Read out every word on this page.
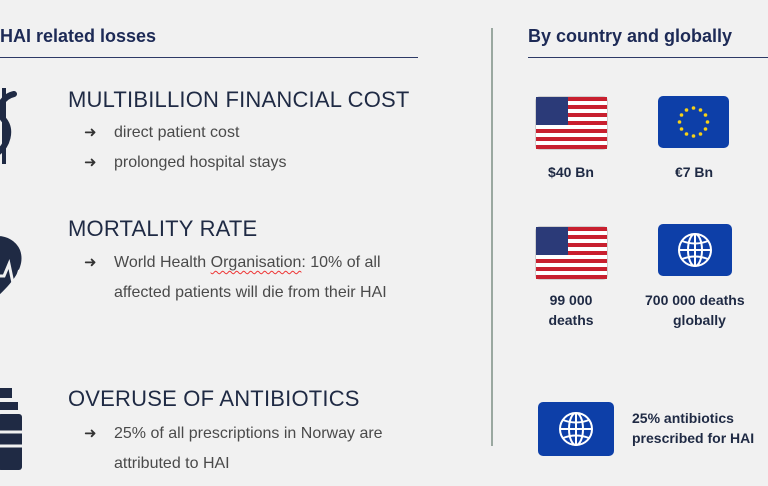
HAI related losses	By country and globally
MULTIBILLION FINANCIAL COST
➜	direct patient cost
➜	prolonged hospital stays
MORTALITY RATE
➜	World Health Organisation: 10% of all
affected patients will die from their HAI
OVERUSE OF ANTIBIOTICS
➜	25% of all prescriptions in Norway are
attributed to HAI
$40 Bn	€7 Bn
99 000
deaths
700 000 deaths
globally
25% antibiotics
prescribed for HAI
